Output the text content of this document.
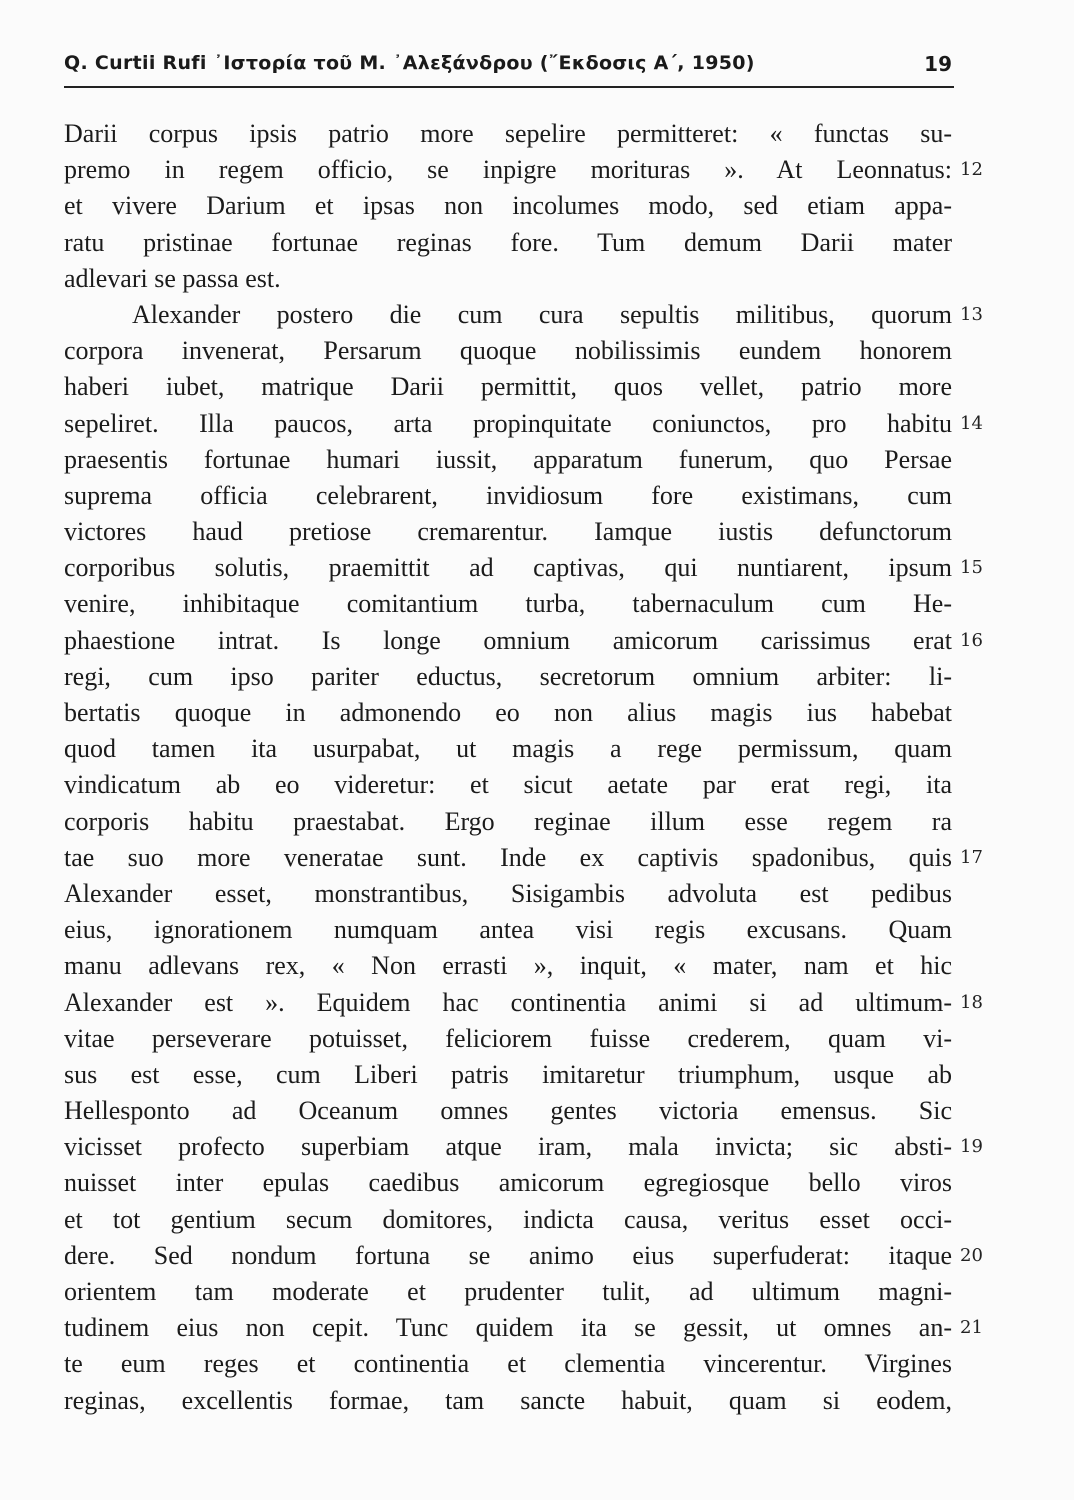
Q. Curtii Rufi ᾽Ιστορία τοῦ Μ. ᾽Αλεξάνδρου (῎Εκδοσις Α΄, 1950)	19
Darii corpus ipsis patrio more sepelire permitteret: « functas su-
premo in regem officio, se inpigre morituras ». At Leonnatus: 12
et vivere Darium et ipsas non incolumes modo, sed etiam appa-
ratu pristinae fortunae reginas fore. Tum demum Darii mater
adlevari se passa est.
Alexander postero die cum cura sepultis militibus, quorum 13
corpora invenerat, Persarum quoque nobilissimis eundem honorem
haberi iubet, matrique Darii permittit, quos vellet, patrio more
sepeliret. Illa paucos, arta propinquitate coniunctos, pro habitu 14
praesentis fortunae humari iussit, apparatum funerum, quo Persae
suprema officia celebrarent, invidiosum fore existimans, cum
victores haud pretiose cremarentur. Iamque iustis defunctorum
corporibus solutis, praemittit ad captivas, qui nuntiarent, ipsum 15
venire, inhibitaque comitantium turba, tabernaculum cum He-
phaestione intrat. Is longe omnium amicorum carissimus erat 16
regi, cum ipso pariter eductus, secretorum omnium arbiter: li-
bertatis quoque in admonendo eo non alius magis ius habebat
quod tamen ita usurpabat, ut magis a rege permissum, quam
vindicatum ab eo videretur: et sicut aetate par erat regi, ita
corporis habitu praestabat. Ergo reginae illum esse regem ra
tae suo more veneratae sunt. Inde ex captivis spadonibus, quis 17
Alexander esset, monstrantibus, Sisigambis advoluta est pedibus
eius, ignorationem numquam antea visi regis excusans. Quam
manu adlevans rex, « Non errasti », inquit, « mater, nam et hic
Alexander est ». Equidem hac continentia animi si ad ultimum- 18
vitae perseverare potuisset, feliciorem fuisse crederem, quam vi-
sus est esse, cum Liberi patris imitaretur triumphum, usque ab
Hellesponto ad Oceanum omnes gentes victoria emensus. Sic
vicisset profecto superbiam atque iram, mala invicta; sic absti- 19
nuisset inter epulas caedibus amicorum egregiosque bello viros
et tot gentium secum domitores, indicta causa, veritus esset occi-
dere. Sed nondum fortuna se animo eius superfuderat: itaque 20
orientem tam moderate et prudenter tulit, ad ultimum magni-
tudinem eius non cepit. Tunc quidem ita se gessit, ut omnes an- 21
te eum reges et continentia et clementia vincerentur. Virgines
reginas, excellentis formae, tam sancte habuit, quam si eodem,
